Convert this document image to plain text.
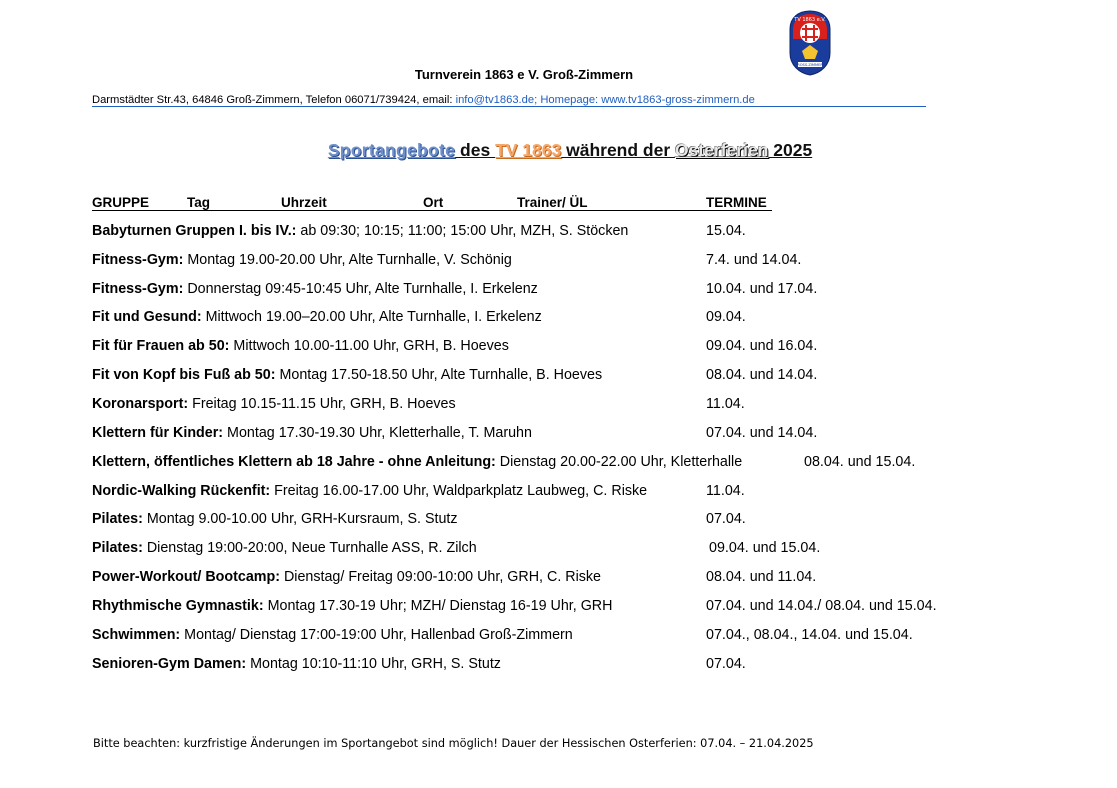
TV 1863 e.V.
GROSS-ZIMMERN
Turnverein 1863 e V. Groß-Zimmern
Darmstädter Str.43, 64846 Groß-Zimmern, Telefon 06071/739424, email: info@tv1863.de; Homepage: www.tv1863-gross-zimmern.de
Sportangebote des TV 1863 während der Osterferien 2025
GRUPPE	Tag	Uhrzeit	Ort	Trainer/ ÜL	TERMINE
Babyturnen Gruppen I. bis IV.: ab 09:30; 10:15; 11:00; 15:00 Uhr, MZH, S. Stöcken	15.04.
Fitness-Gym: Montag 19.00-20.00 Uhr, Alte Turnhalle, V. Schönig	7.4. und 14.04.
Fitness-Gym: Donnerstag 09:45-10:45 Uhr, Alte Turnhalle, I. Erkelenz	10.04. und 17.04.
Fit und Gesund: Mittwoch 19.00–20.00 Uhr, Alte Turnhalle, I. Erkelenz	09.04.
Fit für Frauen ab 50: Mittwoch 10.00-11.00 Uhr, GRH, B. Hoeves	09.04. und 16.04.
Fit von Kopf bis Fuß ab 50: Montag 17.50-18.50 Uhr, Alte Turnhalle, B. Hoeves	08.04. und 14.04.
Koronarsport: Freitag 10.15-11.15 Uhr, GRH, B. Hoeves	11.04.
Klettern für Kinder: Montag 17.30-19.30 Uhr, Kletterhalle, T. Maruhn	07.04. und 14.04.
Klettern, öffentliches Klettern ab 18 Jahre - ohne Anleitung: Dienstag 20.00-22.00 Uhr, Kletterhalle	08.04. und 15.04.
Nordic-Walking Rückenfit: Freitag 16.00-17.00 Uhr, Waldparkplatz Laubweg, C. Riske	11.04.
Pilates: Montag 9.00-10.00 Uhr, GRH-Kursraum, S. Stutz	07.04.
Pilates: Dienstag 19:00-20:00, Neue Turnhalle ASS, R. Zilch	09.04. und 15.04.
Power-Workout/ Bootcamp: Dienstag/ Freitag 09:00-10:00 Uhr, GRH, C. Riske	08.04. und 11.04.
Rhythmische Gymnastik: Montag 17.30-19 Uhr; MZH/ Dienstag 16-19 Uhr, GRH	07.04. und 14.04./ 08.04. und 15.04.
Schwimmen: Montag/ Dienstag 17:00-19:00 Uhr, Hallenbad Groß-Zimmern	07.04., 08.04., 14.04. und 15.04.
Senioren-Gym Damen: Montag 10:10-11:10 Uhr, GRH, S. Stutz	07.04.
Bitte beachten: kurzfristige Änderungen im Sportangebot sind möglich! Dauer der Hessischen Osterferien: 07.04. – 21.04.2025
